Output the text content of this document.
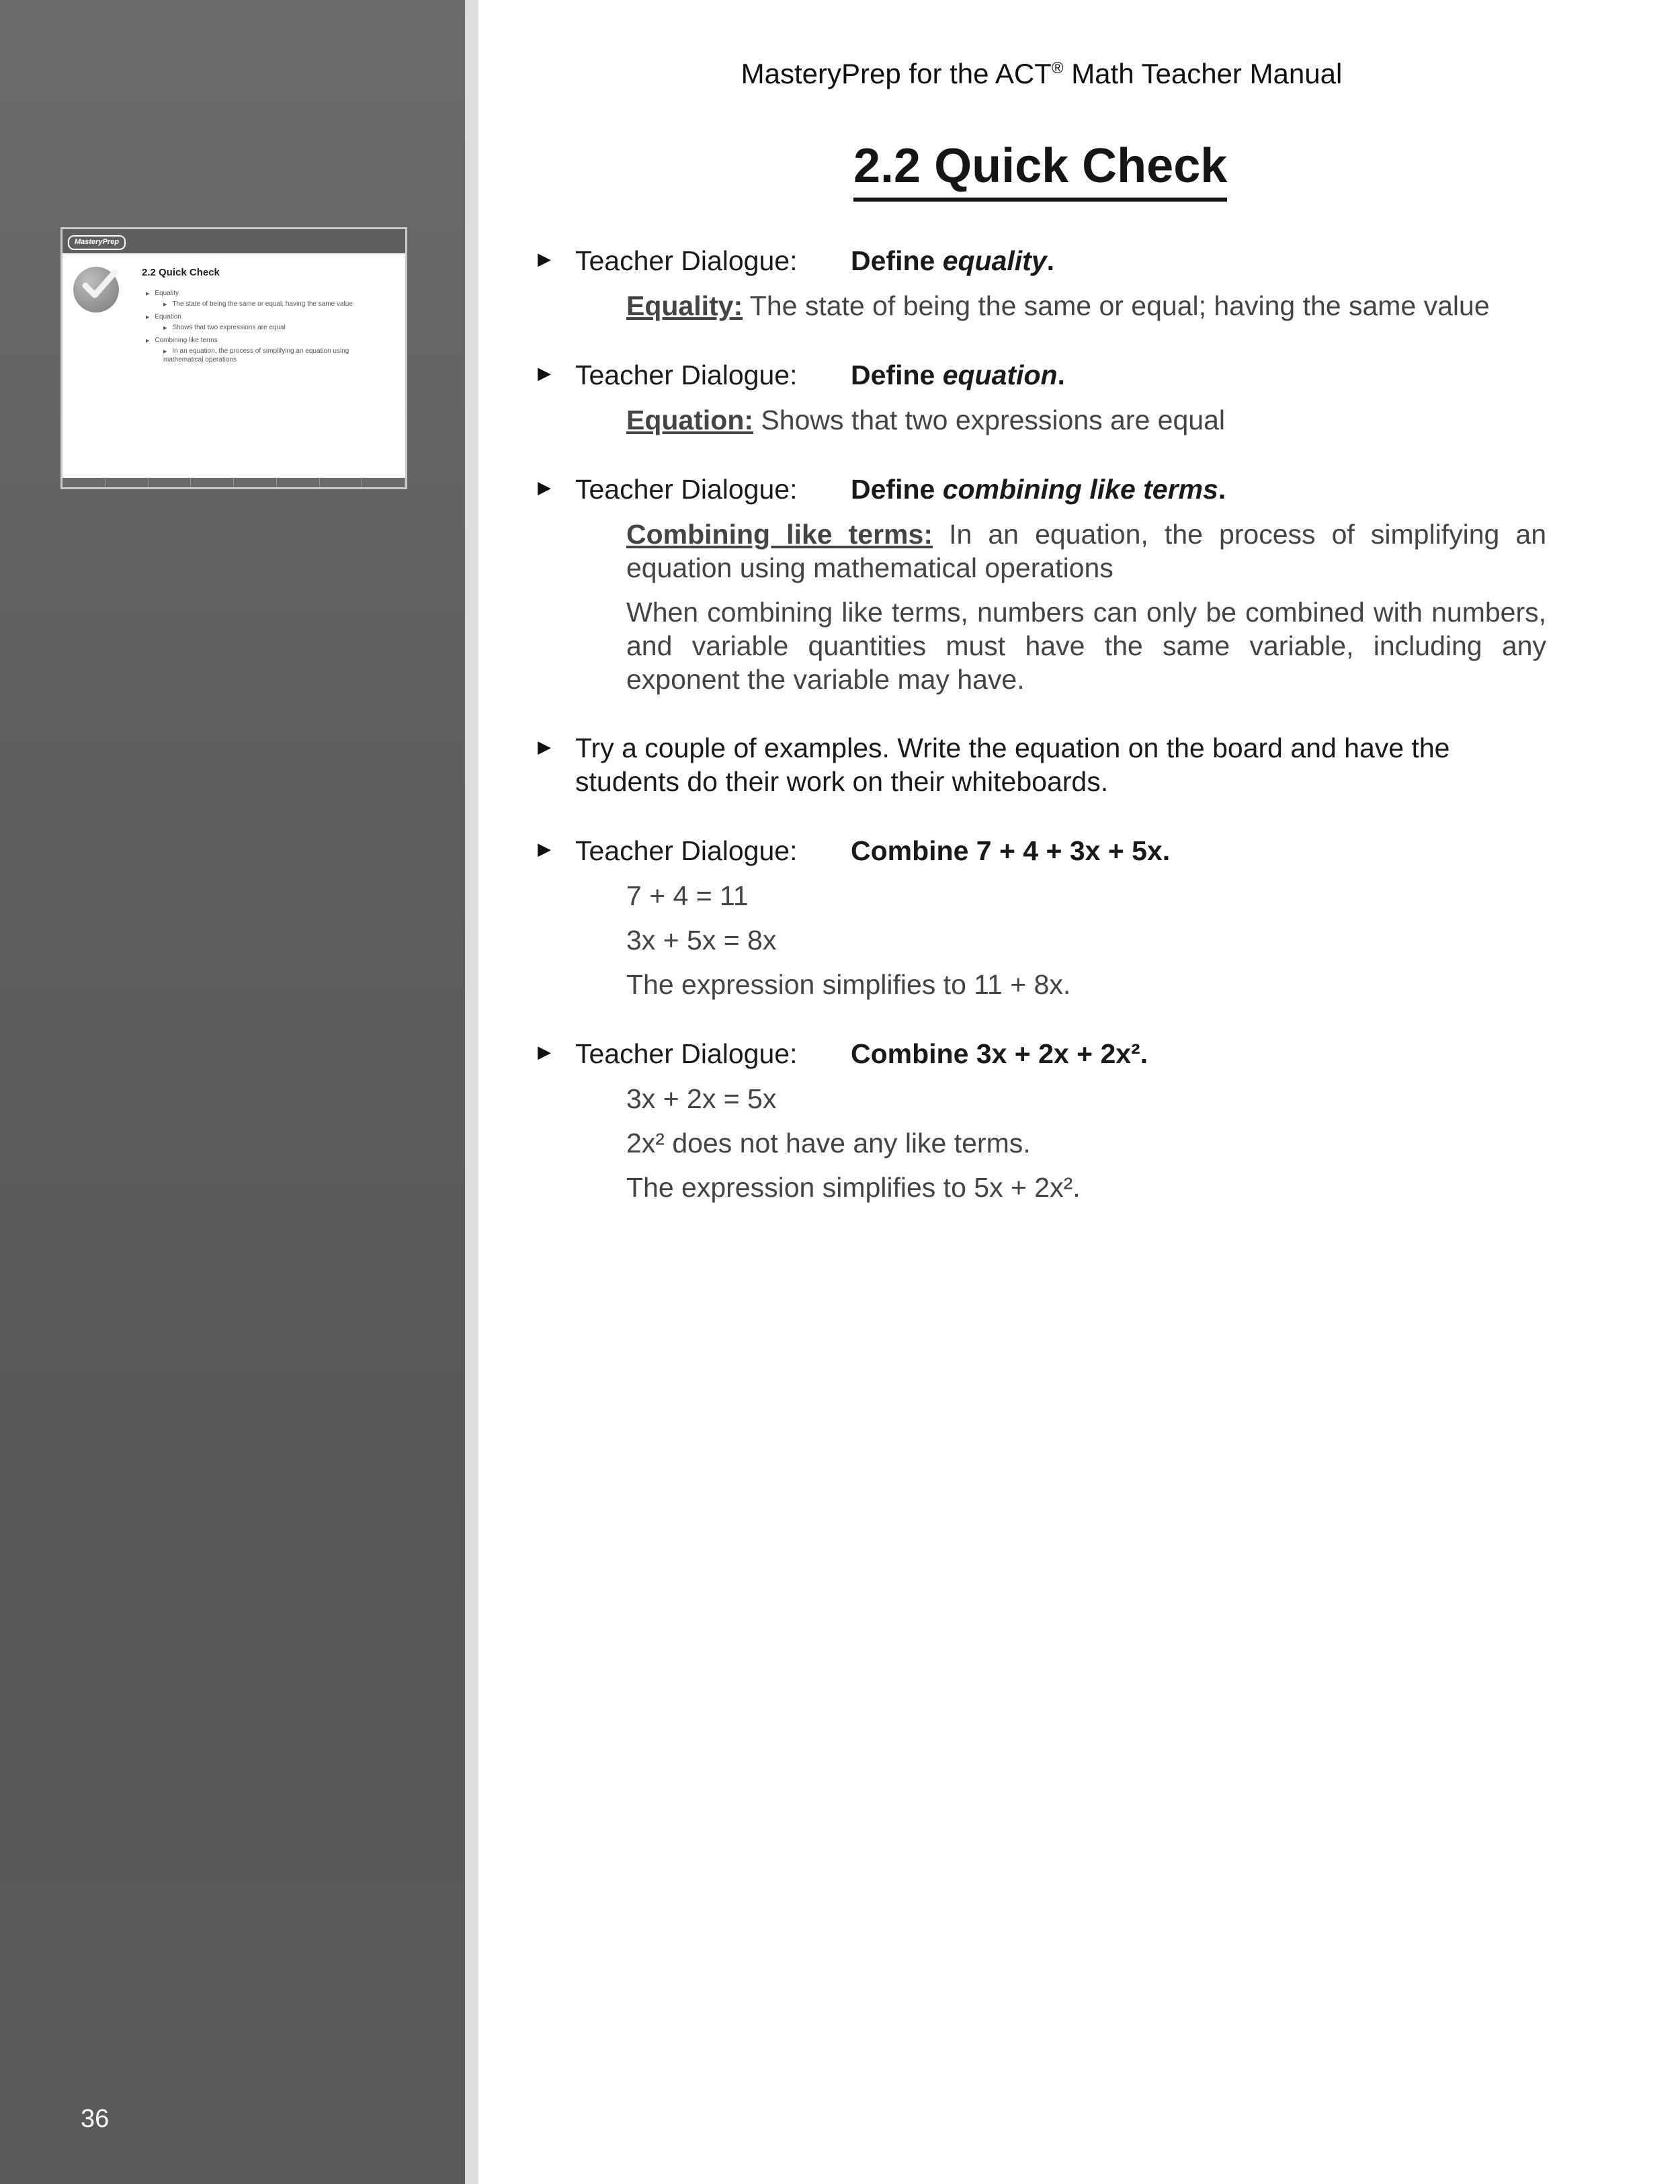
MasteryPrep
2.2 Quick Check
▶ Equality
▶ The state of being the same or equal; having the same value
▶ Equation
▶ Shows that two expressions are equal
▶ Combining like terms
▶ In an equation, the process of simplifying an equation using mathematical operations
36
MasteryPrep for the ACT® Math Teacher Manual
2.2 Quick Check
▶ Teacher Dialogue: Define equality.
Equality: The state of being the same or equal; having the same value
▶ Teacher Dialogue: Define equation.
Equation: Shows that two expressions are equal
▶ Teacher Dialogue: Define combining like terms.
Combining like terms: In an equation, the process of simplifying an equation using mathematical operations
When combining like terms, numbers can only be combined with numbers, and variable quantities must have the same variable, including any exponent the variable may have.
▶ Try a couple of examples. Write the equation on the board and have the students do their work on their whiteboards.
▶ Teacher Dialogue: Combine 7 + 4 + 3x + 5x.
7 + 4 = 11
3x + 5x = 8x
The expression simplifies to 11 + 8x.
▶ Teacher Dialogue: Combine 3x + 2x + 2x².
3x + 2x = 5x
2x² does not have any like terms.
The expression simplifies to 5x + 2x².
